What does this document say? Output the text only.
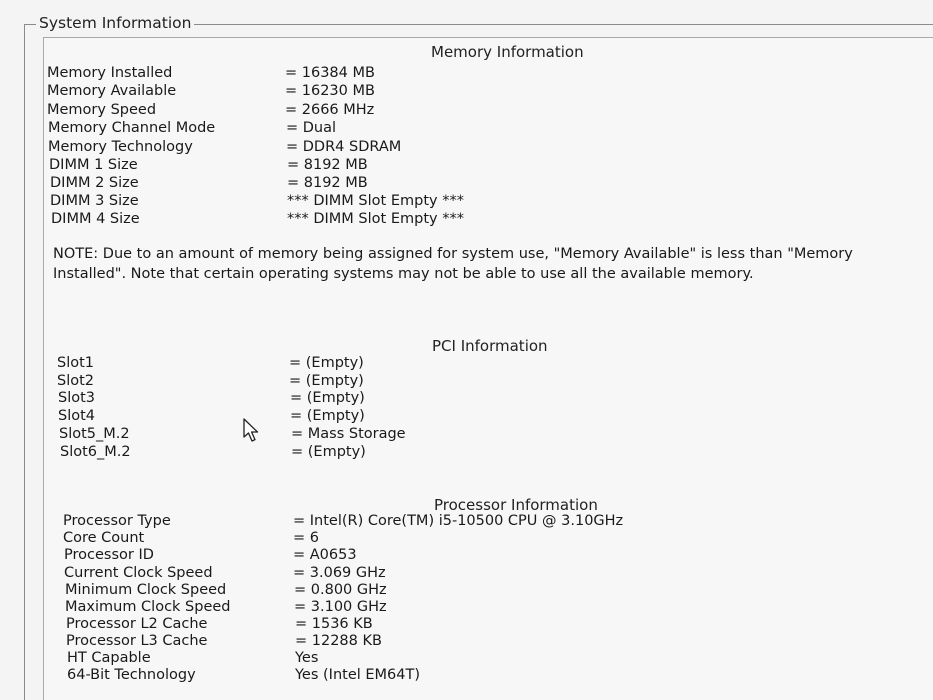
System Information
Memory Information
Memory Installed	= 16384 MB
Memory Available	= 16230 MB
Memory Speed	= 2666 MHz
Memory Channel Mode	= Dual
Memory Technology	= DDR4 SDRAM
DIMM 1 Size	= 8192 MB
DIMM 2 Size	= 8192 MB
DIMM 3 Size	*** DIMM Slot Empty ***
DIMM 4 Size	*** DIMM Slot Empty ***
NOTE: Due to an amount of memory being assigned for system use, "Memory Available" is less than "Memory Installed". Note that certain operating systems may not be able to use all the available memory.
PCI Information
Slot1	= (Empty)
Slot2	= (Empty)
Slot3	= (Empty)
Slot4	= (Empty)
Slot5_M.2	= Mass Storage
Slot6_M.2	= (Empty)
Processor Information
Processor Type	= Intel(R) Core(TM) i5-10500 CPU @ 3.10GHz
Core Count	= 6
Processor ID	= A0653
Current Clock Speed	= 3.069 GHz
Minimum Clock Speed	= 0.800 GHz
Maximum Clock Speed	= 3.100 GHz
Processor L2 Cache	= 1536 KB
Processor L3 Cache	= 12288 KB
HT Capable	Yes
64-Bit Technology	Yes (Intel EM64T)
